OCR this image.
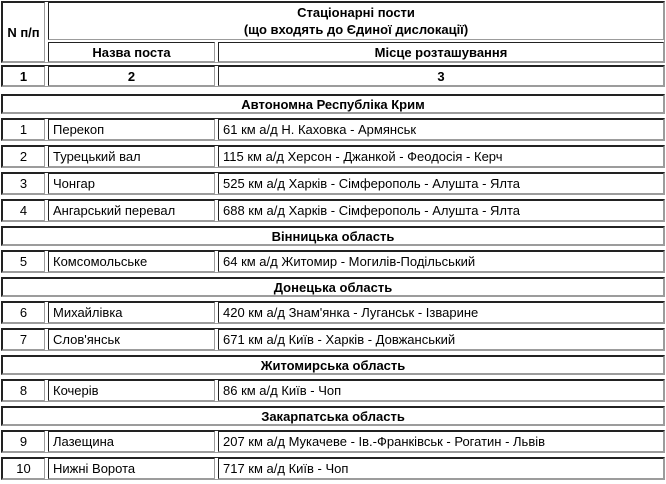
N п/п
Стаціонарні пости
(що входять до Єдиної дислокації)
Назва поста	Місце розташування
1	2	3
Автономна Республіка Крим
1	Перекоп	61 км а/д Н. Каховка - Армянськ
2	Турецький вал	115 км а/д Херсон - Джанкой - Феодосія - Керч
3	Чонгар	525 км а/д Харків - Сімферополь - Алушта - Ялта
4	Ангарський перевал	688 км а/д Харків - Сімферополь - Алушта - Ялта
Вінницька область
5	Комсомольське	64 км а/д Житомир - Могилів-Подільський
Донецька область
6	Михайлівка	420 км а/д Знам'янка - Луганськ - Ізварине
7	Слов'янськ	671 км а/д Київ - Харків - Довжанський
Житомирська область
8	Кочерів	86 км а/д Київ - Чоп
Закарпатська область
9	Лазещина	207 км а/д Мукачеве - Ів.-Франківськ - Рогатин - Львів
10	Нижні Ворота	717 км а/д Київ - Чоп
